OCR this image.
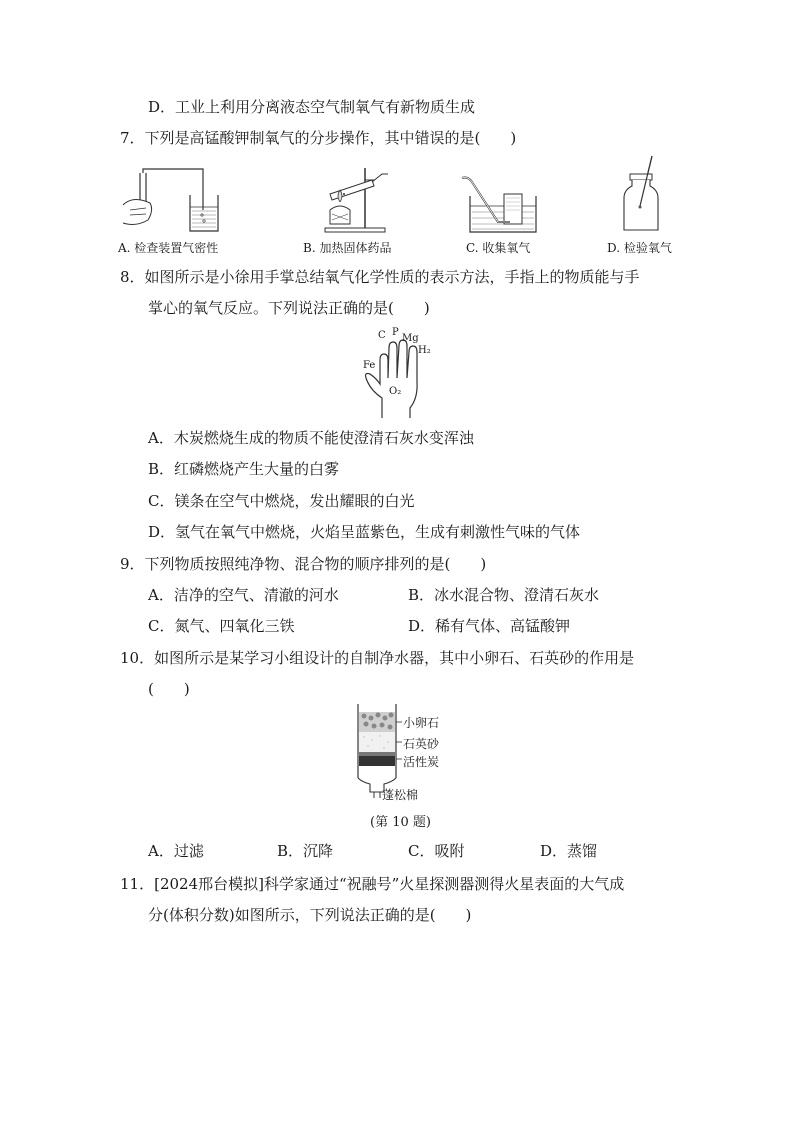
D．工业上利用分离液态空气制氧气有新物质生成
7．下列是高锰酸钾制氧气的分步操作，其中错误的是(　　)
A. 检查装置气密性	B. 加热固体药品	C. 收集氧气	D. 检验氧气
8．如图所示是小徐用手掌总结氧气化学性质的表示方法，手指上的物质能与手
掌心的氧气反应。下列说法正确的是(　　)
C P
Mg
H₂
Fe
O₂
A．木炭燃烧生成的物质不能使澄清石灰水变浑浊
B．红磷燃烧产生大量的白雾
C．镁条在空气中燃烧，发出耀眼的白光
D．氢气在氧气中燃烧，火焰呈蓝紫色，生成有刺激性气味的气体
9．下列物质按照纯净物、混合物的顺序排列的是(　　)
A．洁净的空气、清澈的河水	B．冰水混合物、澄清石灰水
C．氮气、四氧化三铁	D．稀有气体、高锰酸钾
10．如图所示是某学习小组设计的自制净水器，其中小卵石、石英砂的作用是
(　　)
小卵石
石英砂
活性炭
蓬松棉
(第 10 题)
A．过滤	B．沉降	C．吸附	D．蒸馏
11．[2024邢台模拟]科学家通过“祝融号”火星探测器测得火星表面的大气成
分(体积分数)如图所示，下列说法正确的是(　　)
